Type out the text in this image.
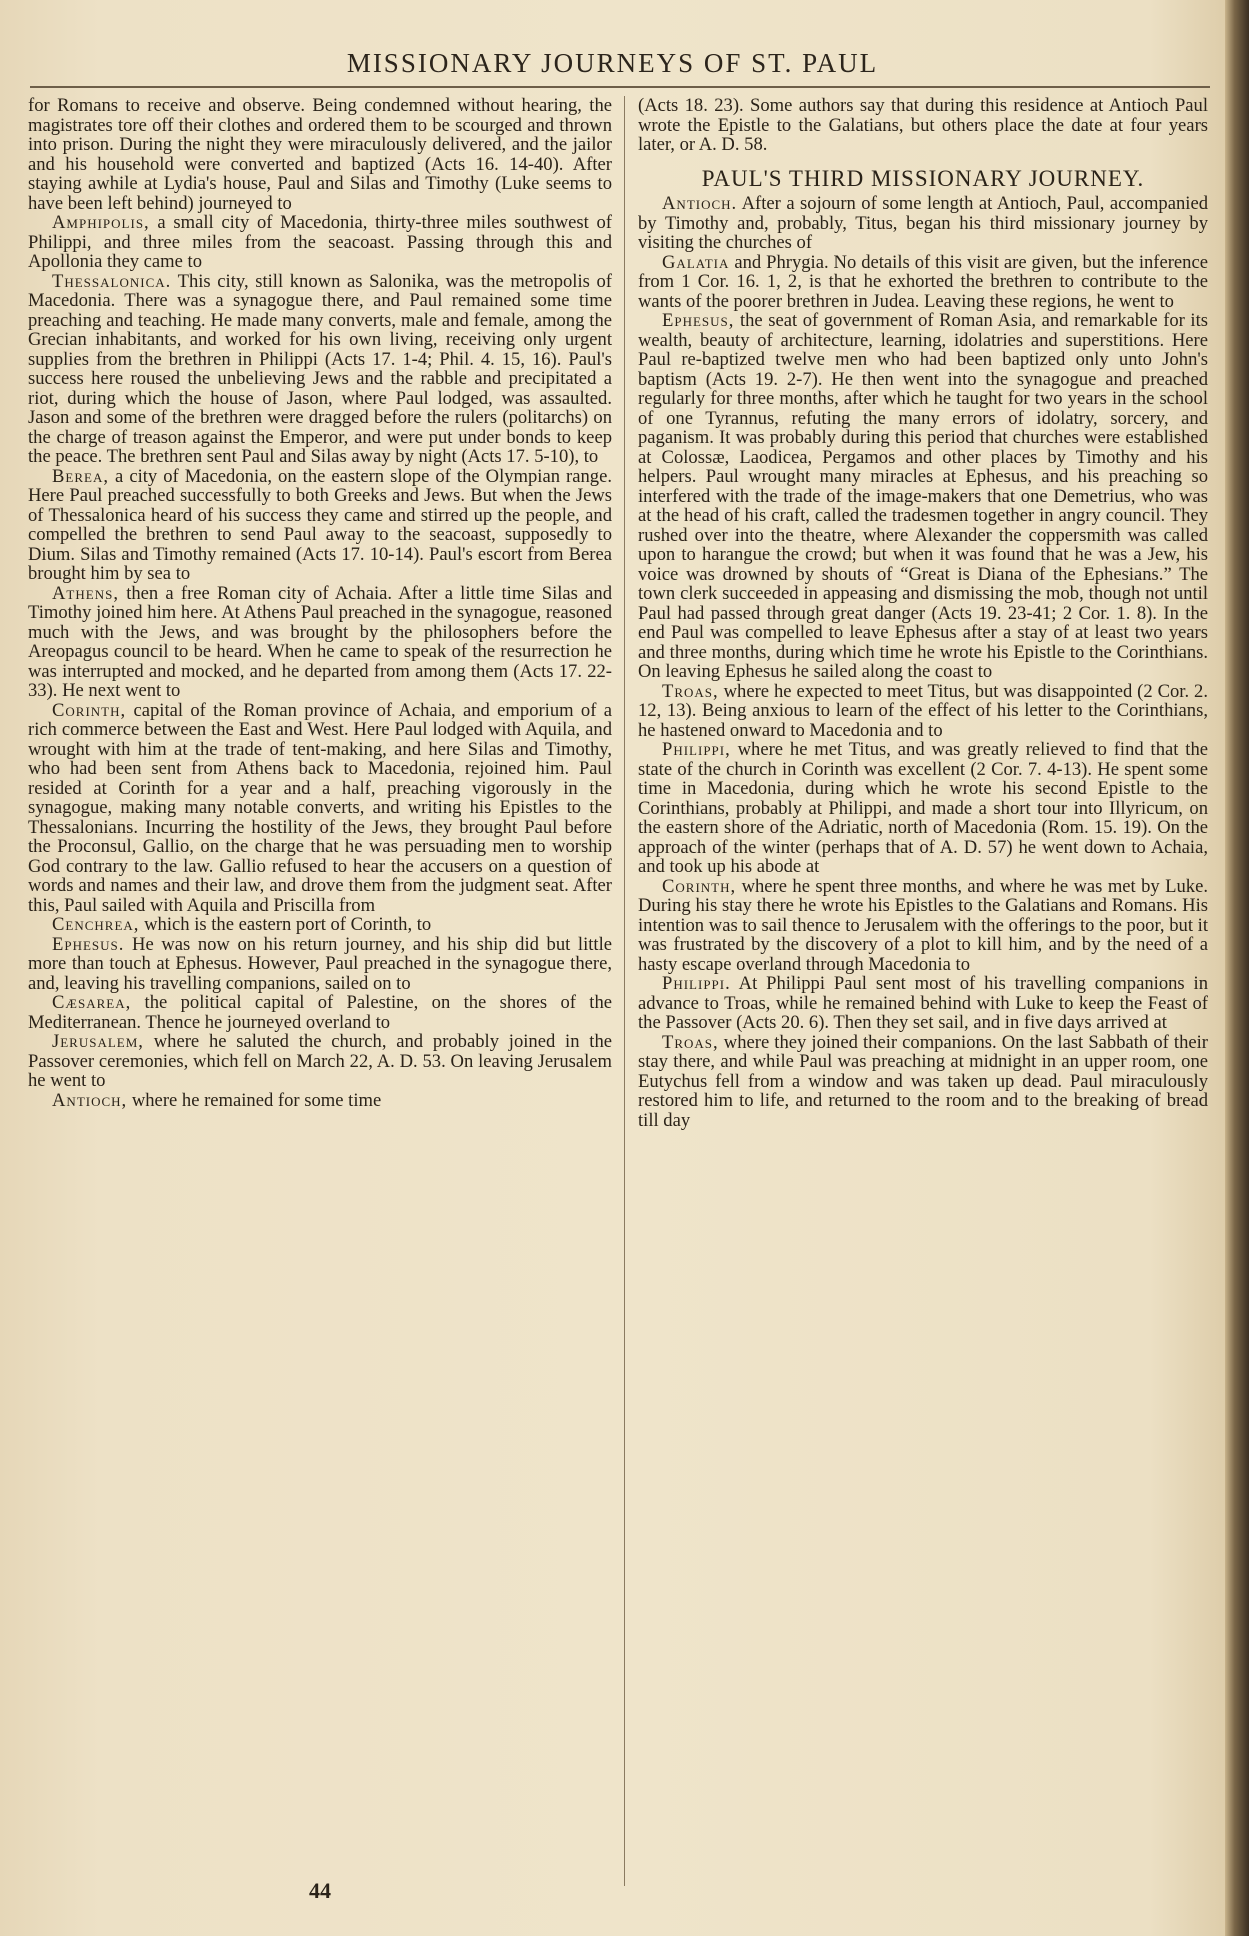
MISSIONARY JOURNEYS OF ST. PAUL

for Romans to receive and observe. Being condemned without hearing, the magistrates tore off their clothes and ordered them to be scourged and thrown into prison. During the night they were miraculously delivered, and the jailor and his household were converted and baptized (Acts 16. 14-40). After staying awhile at Lydia's house, Paul and Silas and Timothy (Luke seems to have been left behind) journeyed to

Amphipolis, a small city of Macedonia, thirty-three miles southwest of Philippi, and three miles from the seacoast. Passing through this and Apollonia they came to

Thessalonica. This city, still known as Salonika, was the metropolis of Macedonia. There was a synagogue there, and Paul remained some time preaching and teaching. He made many converts, male and female, among the Grecian inhabitants, and worked for his own living, receiving only urgent supplies from the brethren in Philippi (Acts 17. 1-4; Phil. 4. 15, 16). Paul's success here roused the unbelieving Jews and the rabble and precipitated a riot, during which the house of Jason, where Paul lodged, was assaulted. Jason and some of the brethren were dragged before the rulers (politarchs) on the charge of treason against the Emperor, and were put under bonds to keep the peace. The brethren sent Paul and Silas away by night (Acts 17. 5-10), to

Berea, a city of Macedonia, on the eastern slope of the Olympian range. Here Paul preached successfully to both Greeks and Jews. But when the Jews of Thessalonica heard of his success they came and stirred up the people, and compelled the brethren to send Paul away to the seacoast, supposedly to Dium. Silas and Timothy remained (Acts 17. 10-14). Paul's escort from Berea brought him by sea to

Athens, then a free Roman city of Achaia. After a little time Silas and Timothy joined him here. At Athens Paul preached in the synagogue, reasoned much with the Jews, and was brought by the philosophers before the Areopagus council to be heard. When he came to speak of the resurrection he was interrupted and mocked, and he departed from among them (Acts 17. 22-33). He next went to

Corinth, capital of the Roman province of Achaia, and emporium of a rich commerce between the East and West. Here Paul lodged with Aquila, and wrought with him at the trade of tent-making, and here Silas and Timothy, who had been sent from Athens back to Macedonia, rejoined him. Paul resided at Corinth for a year and a half, preaching vigorously in the synagogue, making many notable converts, and writing his Epistles to the Thessalonians. Incurring the hostility of the Jews, they brought Paul before the Proconsul, Gallio, on the charge that he was persuading men to worship God contrary to the law. Gallio refused to hear the accusers on a question of words and names and their law, and drove them from the judgment seat. After this, Paul sailed with Aquila and Priscilla from

Cenchrea, which is the eastern port of Corinth, to

Ephesus. He was now on his return journey, and his ship did but little more than touch at Ephesus. However, Paul preached in the synagogue there, and, leaving his travelling companions, sailed on to

Cæsarea, the political capital of Palestine, on the shores of the Mediterranean. Thence he journeyed overland to

Jerusalem, where he saluted the church, and probably joined in the Passover ceremonies, which fell on March 22, A. D. 53. On leaving Jerusalem he went to

Antioch, where he remained for some time

(Acts 18. 23). Some authors say that during this residence at Antioch Paul wrote the Epistle to the Galatians, but others place the date at four years later, or A. D. 58.

PAUL'S THIRD MISSIONARY JOURNEY.

Antioch. After a sojourn of some length at Antioch, Paul, accompanied by Timothy and, probably, Titus, began his third missionary journey by visiting the churches of

Galatia and Phrygia. No details of this visit are given, but the inference from 1 Cor. 16. 1, 2, is that he exhorted the brethren to contribute to the wants of the poorer brethren in Judea. Leaving these regions, he went to

Ephesus, the seat of government of Roman Asia, and remarkable for its wealth, beauty of architecture, learning, idolatries and superstitions. Here Paul re-baptized twelve men who had been baptized only unto John's baptism (Acts 19. 2-7). He then went into the synagogue and preached regularly for three months, after which he taught for two years in the school of one Tyrannus, refuting the many errors of idolatry, sorcery, and paganism. It was probably during this period that churches were established at Colossæ, Laodicea, Pergamos and other places by Timothy and his helpers. Paul wrought many miracles at Ephesus, and his preaching so interfered with the trade of the image-makers that one Demetrius, who was at the head of his craft, called the tradesmen together in angry council. They rushed over into the theatre, where Alexander the coppersmith was called upon to harangue the crowd; but when it was found that he was a Jew, his voice was drowned by shouts of “Great is Diana of the Ephesians.” The town clerk succeeded in appeasing and dismissing the mob, though not until Paul had passed through great danger (Acts 19. 23-41; 2 Cor. 1. 8). In the end Paul was compelled to leave Ephesus after a stay of at least two years and three months, during which time he wrote his Epistle to the Corinthians. On leaving Ephesus he sailed along the coast to

Troas, where he expected to meet Titus, but was disappointed (2 Cor. 2. 12, 13). Being anxious to learn of the effect of his letter to the Corinthians, he hastened onward to Macedonia and to

Philippi, where he met Titus, and was greatly relieved to find that the state of the church in Corinth was excellent (2 Cor. 7. 4-13). He spent some time in Macedonia, during which he wrote his second Epistle to the Corinthians, probably at Philippi, and made a short tour into Illyricum, on the eastern shore of the Adriatic, north of Macedonia (Rom. 15. 19). On the approach of the winter (perhaps that of A. D. 57) he went down to Achaia, and took up his abode at

Corinth, where he spent three months, and where he was met by Luke. During his stay there he wrote his Epistles to the Galatians and Romans. His intention was to sail thence to Jerusalem with the offerings to the poor, but it was frustrated by the discovery of a plot to kill him, and by the need of a hasty escape overland through Macedonia to

Philippi. At Philippi Paul sent most of his travelling companions in advance to Troas, while he remained behind with Luke to keep the Feast of the Passover (Acts 20. 6). Then they set sail, and in five days arrived at

Troas, where they joined their companions. On the last Sabbath of their stay there, and while Paul was preaching at midnight in an upper room, one Eutychus fell from a window and was taken up dead. Paul miraculously restored him to life, and returned to the room and to the breaking of bread till day

44
